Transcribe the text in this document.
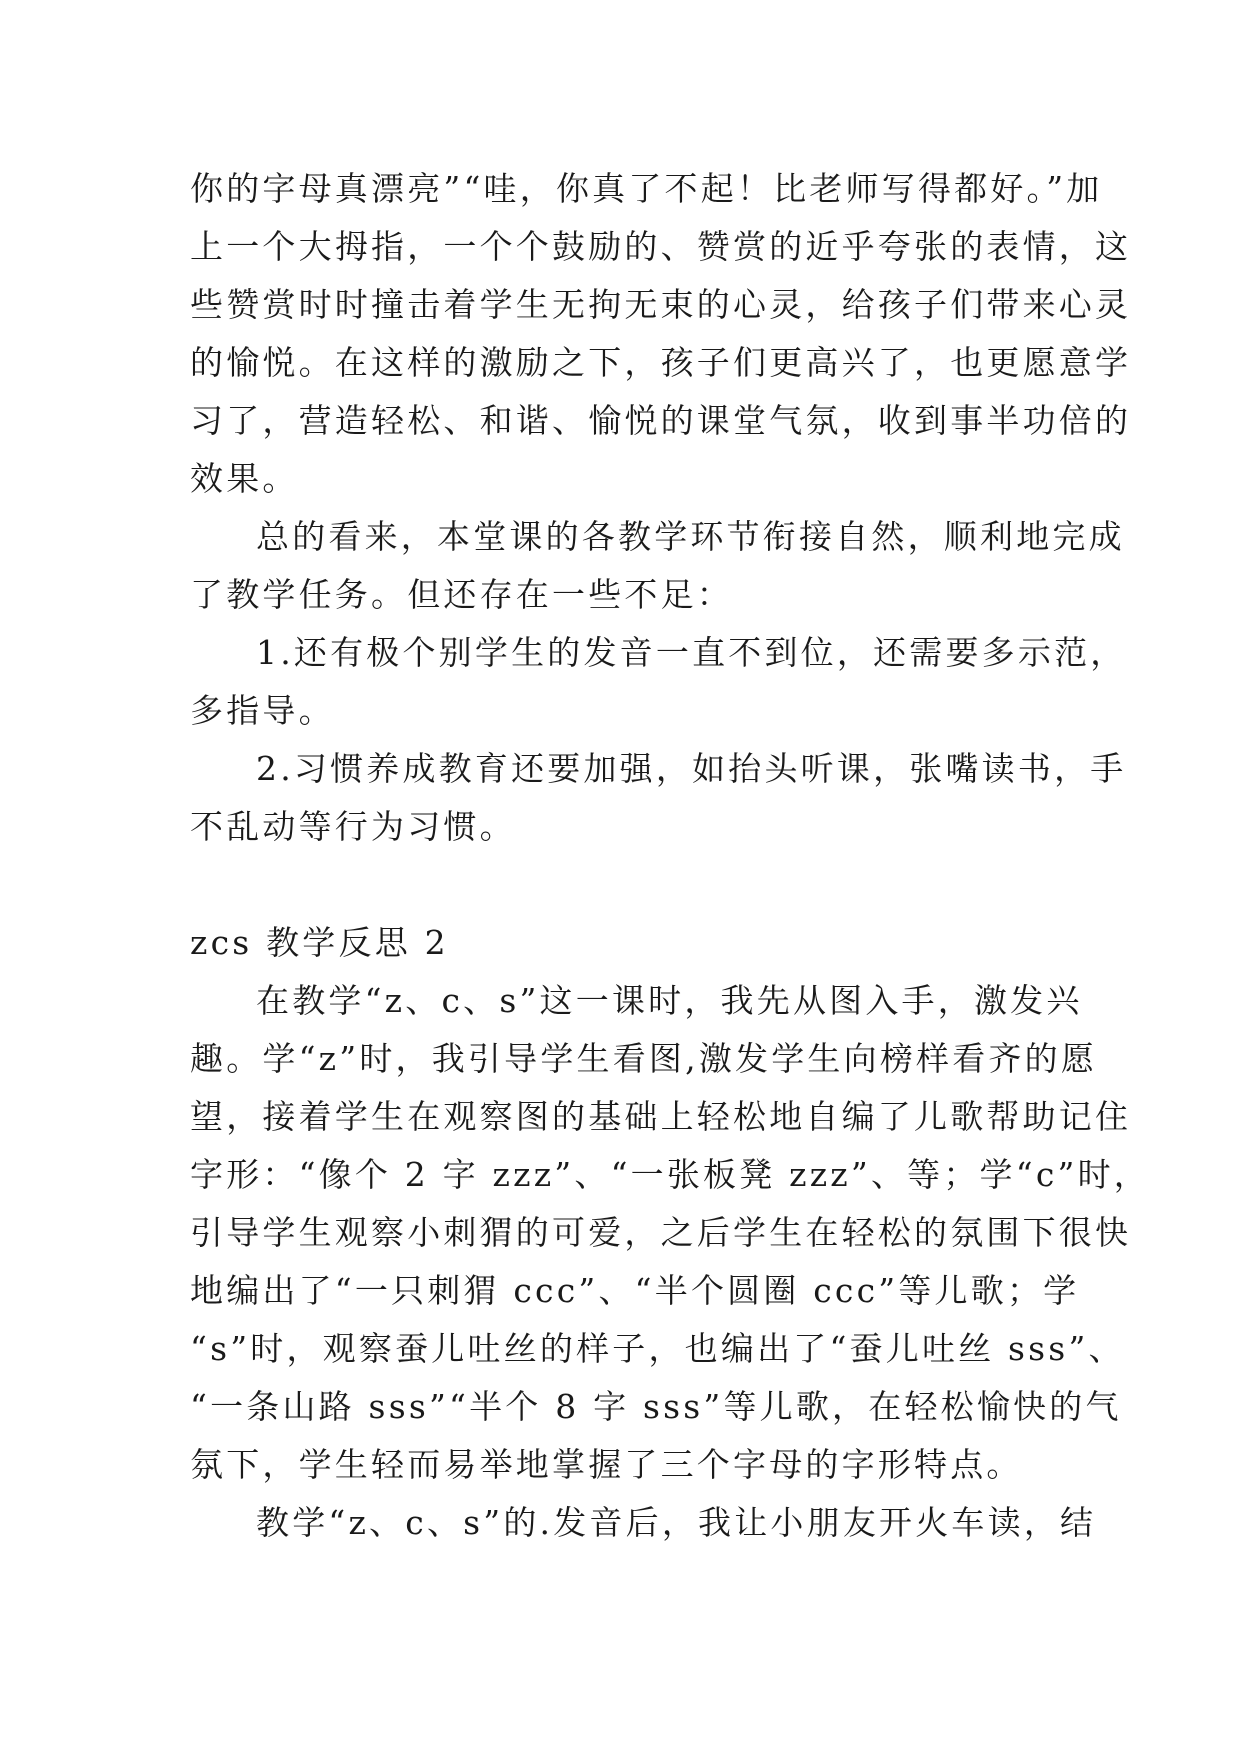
你的字母真漂亮”“哇，你真了不起！比老师写得都好。”加
上一个大拇指，一个个鼓励的、赞赏的近乎夸张的表情，这
些赞赏时时撞击着学生无拘无束的心灵，给孩子们带来心灵
的愉悦。在这样的激励之下，孩子们更高兴了，也更愿意学
习了，营造轻松、和谐、愉悦的课堂气氛，收到事半功倍的
效果。
总的看来，本堂课的各教学环节衔接自然，顺利地完成
了教学任务。但还存在一些不足：
1.还有极个别学生的发音一直不到位，还需要多示范，
多指导。
2.习惯养成教育还要加强，如抬头听课，张嘴读书，手
不乱动等行为习惯。
zcs 教学反思 2
在教学“z、c、s”这一课时，我先从图入手，激发兴
趣。学“z”时，我引导学生看图,激发学生向榜样看齐的愿
望，接着学生在观察图的基础上轻松地自编了儿歌帮助记住
字形：“像个 2 字 zzz”、“一张板凳 zzz”、等；学“c”时，
引导学生观察小刺猬的可爱，之后学生在轻松的氛围下很快
地编出了“一只刺猬 ccc”、“半个圆圈 ccc”等儿歌；学
“s”时，观察蚕儿吐丝的样子，也编出了“蚕儿吐丝 sss”、
“一条山路 sss”“半个 8 字 sss”等儿歌，在轻松愉快的气
氛下，学生轻而易举地掌握了三个字母的字形特点。
教学“z、c、s”的.发音后，我让小朋友开火车读，结
